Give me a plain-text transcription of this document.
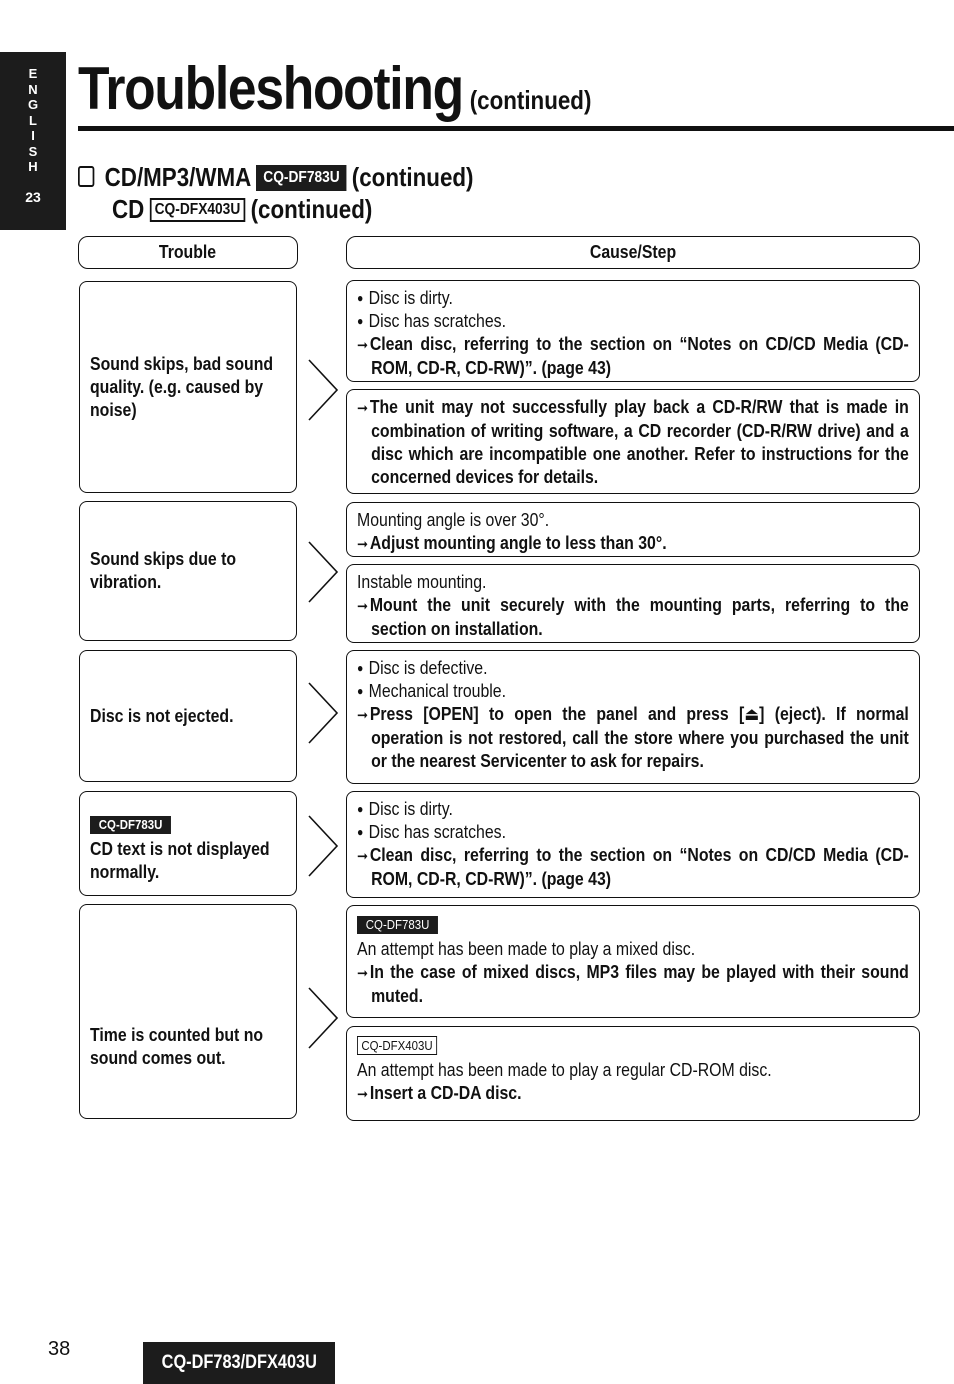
E
N
G
L
I
S
H
23
Troubleshooting (continued)
CD/MP3/WMA CQ-DF783U (continued)
CD CQ-DFX403U (continued)
Trouble	Cause/Step
Sound skips, bad sound quality. (e.g. caused by noise)
● Disc is dirty.
● Disc has scratches.
➞ Clean disc, referring to the section on “Notes on CD/CD Media (CD-ROM, CD-R, CD-RW)”. (page 43)
➞ The unit may not successfully play back a CD-R/RW that is made in combination of writing software, a CD recorder (CD-R/RW drive) and a disc which are incompatible one another. Refer to instructions for the concerned devices for details.
Sound skips due to vibration.
Mounting angle is over 30°.
➞ Adjust mounting angle to less than 30°.
Instable mounting.
➞ Mount the unit securely with the mounting parts, referring to the section on installation.
Disc is not ejected.
● Disc is defective.
● Mechanical trouble.
➞ Press [OPEN] to open the panel and press [⏏] (eject). If normal operation is not restored, call the store where you purchased the unit or the nearest Servicenter to ask for repairs.
CQ-DF783U
CD text is not displayed normally.
● Disc is dirty.
● Disc has scratches.
➞ Clean disc, referring to the section on “Notes on CD/CD Media (CD-ROM, CD-R, CD-RW)”. (page 43)
Time is counted but no sound comes out.
CQ-DF783U
An attempt has been made to play a mixed disc.
➞ In the case of mixed discs, MP3 files may be played with their sound muted.
CQ-DFX403U
An attempt has been made to play a regular CD-ROM disc.
➞ Insert a CD-DA disc.
38
CQ-DF783/DFX403U
